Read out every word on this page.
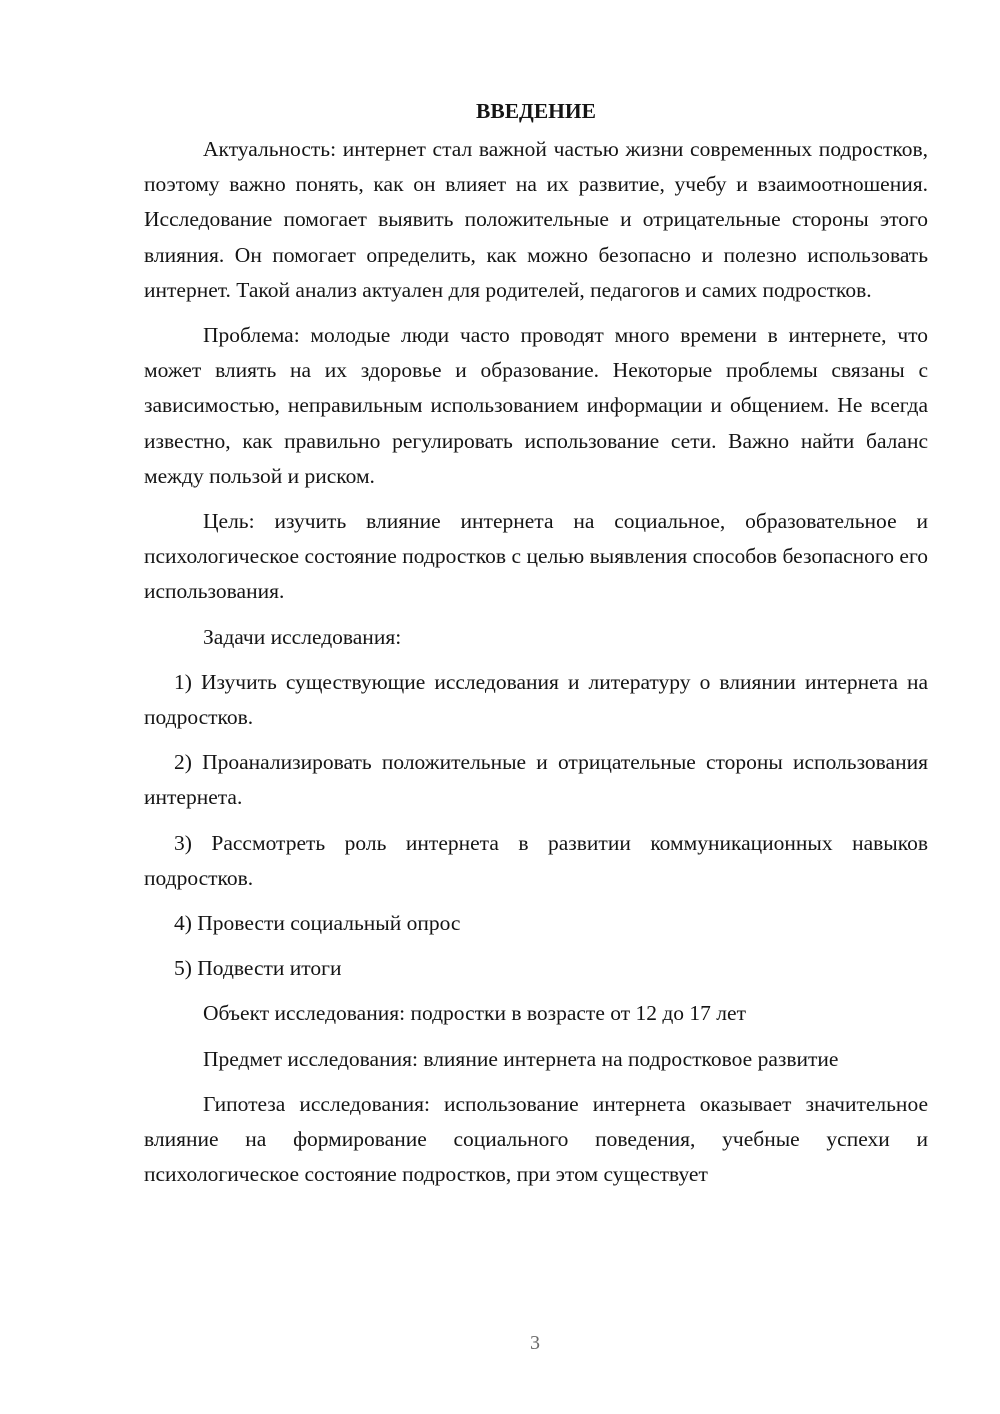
ВВЕДЕНИЕ

Актуальность: интернет стал важной частью жизни современных подростков, поэтому важно понять, как он влияет на их развитие, учебу и взаимоотношения. Исследование помогает выявить положительные и отрицательные стороны этого влияния. Он помогает определить, как можно безопасно и полезно использовать интернет. Такой анализ актуален для родителей, педагогов и самих подростков.

Проблема: молодые люди часто проводят много времени в интернете, что может влиять на их здоровье и образование. Некоторые проблемы связаны с зависимостью, неправильным использованием информации и общением. Не всегда известно, как правильно регулировать использование сети. Важно найти баланс между пользой и риском.

Цель: изучить влияние интернета на социальное, образовательное и психологическое состояние подростков с целью выявления способов безопасного его использования.

Задачи исследования:

1) Изучить существующие исследования и литературу о влиянии интернета на подростков.

2) Проанализировать положительные и отрицательные стороны использования интернета.

3) Рассмотреть роль интернета в развитии коммуникационных навыков подростков.

4) Провести социальный опрос

5) Подвести итоги

Объект исследования: подростки в возрасте от 12 до 17 лет

Предмет исследования: влияние интернета на подростковое развитие

Гипотеза исследования: использование интернета оказывает значительное влияние на формирование социального поведения, учебные успехи и психологическое состояние подростков, при этом существует

3
